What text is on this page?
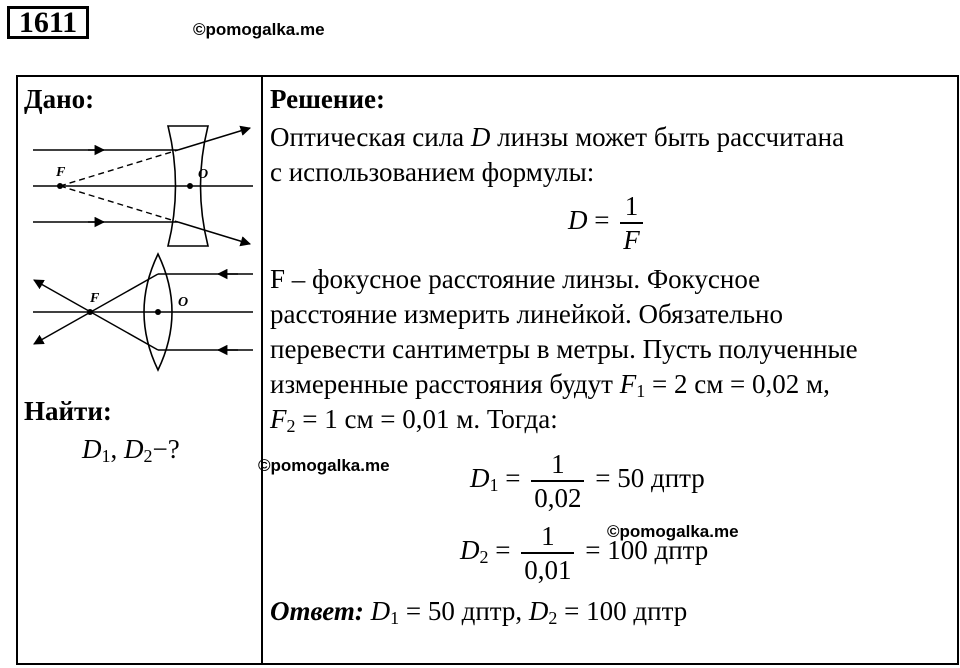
1611	©pomogalka.me
Дано:
F	O
F	O
Найти:
$D_1$, $D_2-$?
Решение:
Оптическая сила D линзы может быть рассчитана
с использованием формулы:
$D = \frac{1}{F}$
F – фокусное расстояние линзы. Фокусное
расстояние измерить линейкой. Обязательно
перевести сантиметры в метры. Пусть полученные
измеренные расстояния будут $F_1 = 2$ см = 0,02 м,
$F_2 = 1$ см = 0,01 м. Тогда:
©pomogalka.me	$D_1 = \frac{1}{0,02} = 50$ дптр
©pomogalka.me
$D_2 = \frac{1}{0,01} = 100$ дптр
Ответ: $D_1 = 50$ дптр, $D_2 = 100$ дптр
